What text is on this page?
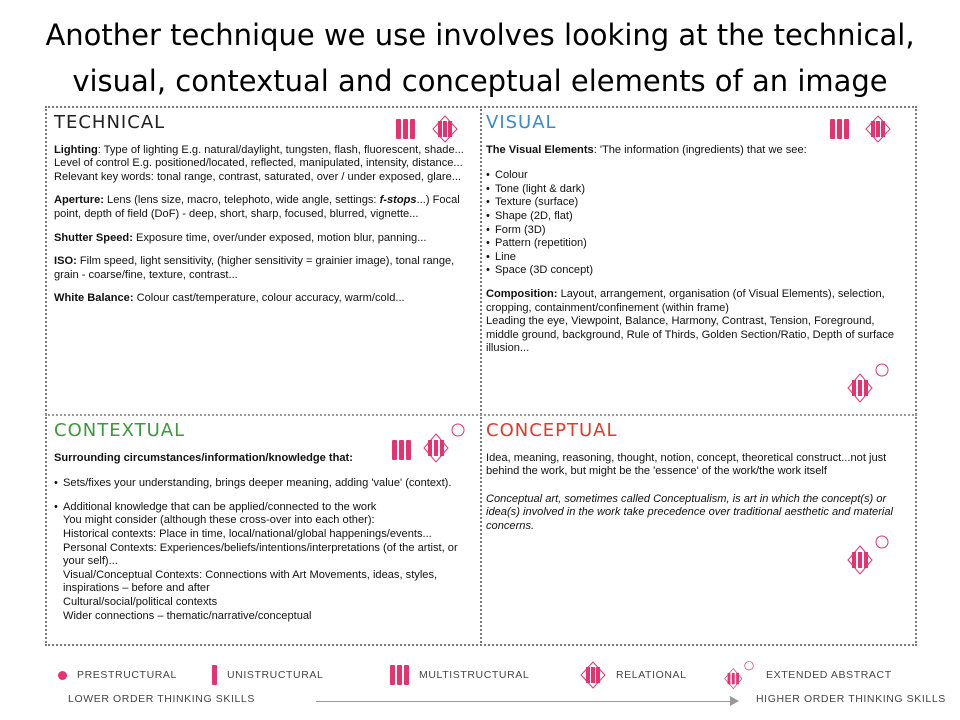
Another technique we use involves looking at the technical,
visual, contextual and conceptual elements of an image
TECHNICAL

Lighting: Type of lighting E.g. natural/daylight, tungsten, flash, fluorescent, shade... Level of control E.g. positioned/located, reflected, manipulated, intensity, distance... Relevant key words: tonal range, contrast, saturated, over / under exposed, glare...

Aperture: Lens (lens size, macro, telephoto, wide angle, settings: f-stops...) Focal point, depth of field (DoF) - deep, short, sharp, focused, blurred, vignette...

Shutter Speed: Exposure time, over/under exposed, motion blur, panning...

ISO: Film speed, light sensitivity, (higher sensitivity = grainier image), tonal range, grain - coarse/fine, texture, contrast...

White Balance: Colour cast/temperature, colour accuracy, warm/cold...

VISUAL

The Visual Elements: 'The information (ingredients) that we see:

• Colour
• Tone (light & dark)
• Texture (surface)
• Shape (2D, flat)
• Form (3D)
• Pattern (repetition)
• Line
• Space (3D concept)

Composition: Layout, arrangement, organisation (of Visual Elements), selection, cropping, containment/confinement (within frame)

Leading the eye, Viewpoint, Balance, Harmony, Contrast, Tension, Foreground, middle ground, background, Rule of Thirds, Golden Section/Ratio, Depth of surface illusion...

CONTEXTUAL

Surrounding circumstances/information/knowledge that:

• Sets/fixes your understanding, brings deeper meaning, adding 'value' (context).
• Additional knowledge that can be applied/connected to the work
You might consider (although these cross-over into each other):
Historical contexts: Place in time, local/national/global happenings/events...
Personal Contexts: Experiences/beliefs/intentions/interpretations (of the artist, or your self)...
Visual/Conceptual Contexts: Connections with Art Movements, ideas, styles, inspirations – before and after
Cultural/social/political contexts
Wider connections – thematic/narrative/conceptual
CONCEPTUAL

Idea, meaning, reasoning, thought, notion, concept, theoretical construct...not just behind the work, but might be the 'essence' of the work/the work itself

Conceptual art, sometimes called Conceptualism, is art in which the concept(s) or idea(s) involved in the work take precedence over traditional aesthetic and material concerns.

PRESTRUCTURAL	UNISTRUCTURAL	MULTISTRUCTURAL	RELATIONAL	EXTENDED ABSTRACT
LOWER ORDER THINKING SKILLS	HIGHER ORDER THINKING SKILLS
